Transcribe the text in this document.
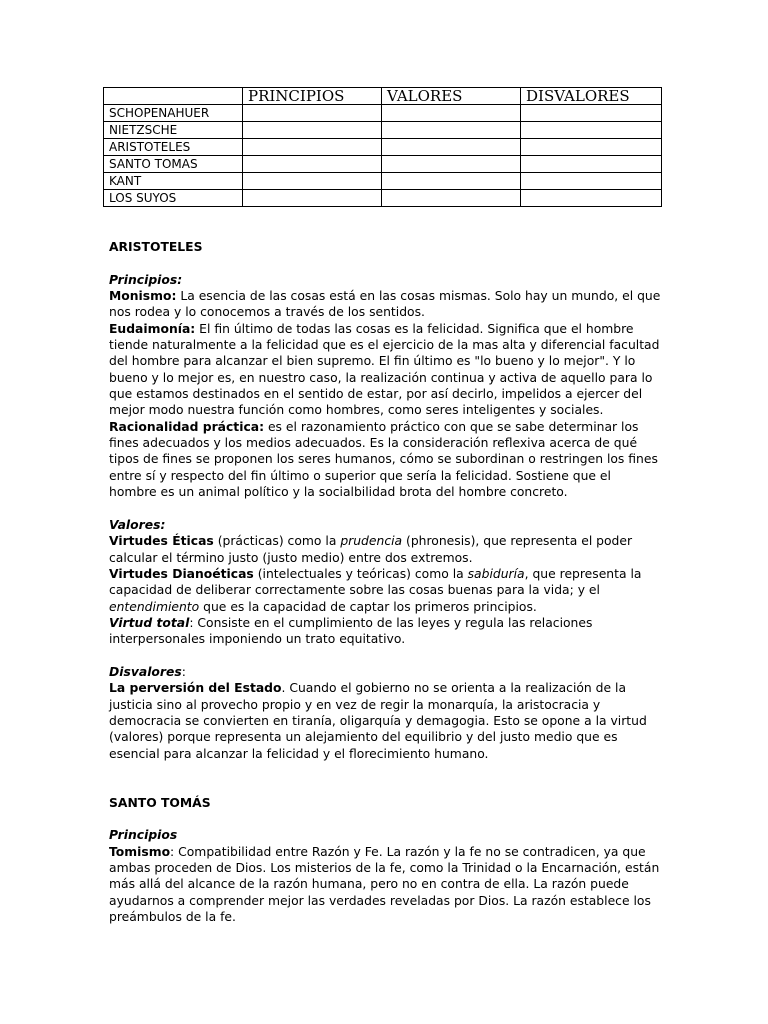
	PRINCIPIOS	VALORES	DISVALORES
SCHOPENAHUER			
NIETZSCHE			
ARISTOTELES			
SANTO TOMAS			
KANT			
LOS SUYOS			

ARISTOTELES

Principios:

Monismo: La esencia de las cosas está en las cosas mismas. Solo hay un mundo, el que nos rodea y lo conocemos a través de los sentidos.

Eudaimonía: El fin último de todas las cosas es la felicidad. Significa que el hombre tiende naturalmente a la felicidad que es el ejercicio de la mas alta y diferencial facultad del hombre para alcanzar el bien supremo. El fin último es "lo bueno y lo mejor". Y lo bueno y lo mejor es, en nuestro caso, la realización continua y activa de aquello para lo que estamos destinados en el sentido de estar, por así decirlo, impelidos a ejercer del mejor modo nuestra función como hombres, como seres inteligentes y sociales.

Racionalidad práctica: es el razonamiento práctico con que se sabe determinar los fines adecuados y los medios adecuados. Es la consideración reflexiva acerca de qué tipos de fines se proponen los seres humanos, cómo se subordinan o restringen los fines entre sí y respecto del fin último o superior que sería la felicidad. Sostiene que el hombre es un animal político y la socialbilidad brota del hombre concreto.

Valores:

Virtudes Éticas (prácticas) como la prudencia (phronesis), que representa el poder calcular el término justo (justo medio) entre dos extremos.

Virtudes Dianoéticas (intelectuales y teóricas) como la sabiduría, que representa la capacidad de deliberar correctamente sobre las cosas buenas para la vida; y el entendimiento que es la capacidad de captar los primeros principios.

Virtud total: Consiste en el cumplimiento de las leyes y regula las relaciones interpersonales imponiendo un trato equitativo.

Disvalores:

La perversión del Estado. Cuando el gobierno no se orienta a la realización de la justicia sino al provecho propio y en vez de regir la monarquía, la aristocracia y democracia se convierten en tiranía, oligarquía y demagogia. Esto se opone a la virtud (valores) porque representa un alejamiento del equilibrio y del justo medio que es esencial para alcanzar la felicidad y el florecimiento humano.

SANTO TOMÁS

Principios

Tomismo: Compatibilidad entre Razón y Fe. La razón y la fe no se contradicen, ya que ambas proceden de Dios. Los misterios de la fe, como la Trinidad o la Encarnación, están más allá del alcance de la razón humana, pero no en contra de ella. La razón puede ayudarnos a comprender mejor las verdades reveladas por Dios. La razón establece los preámbulos de la fe.
